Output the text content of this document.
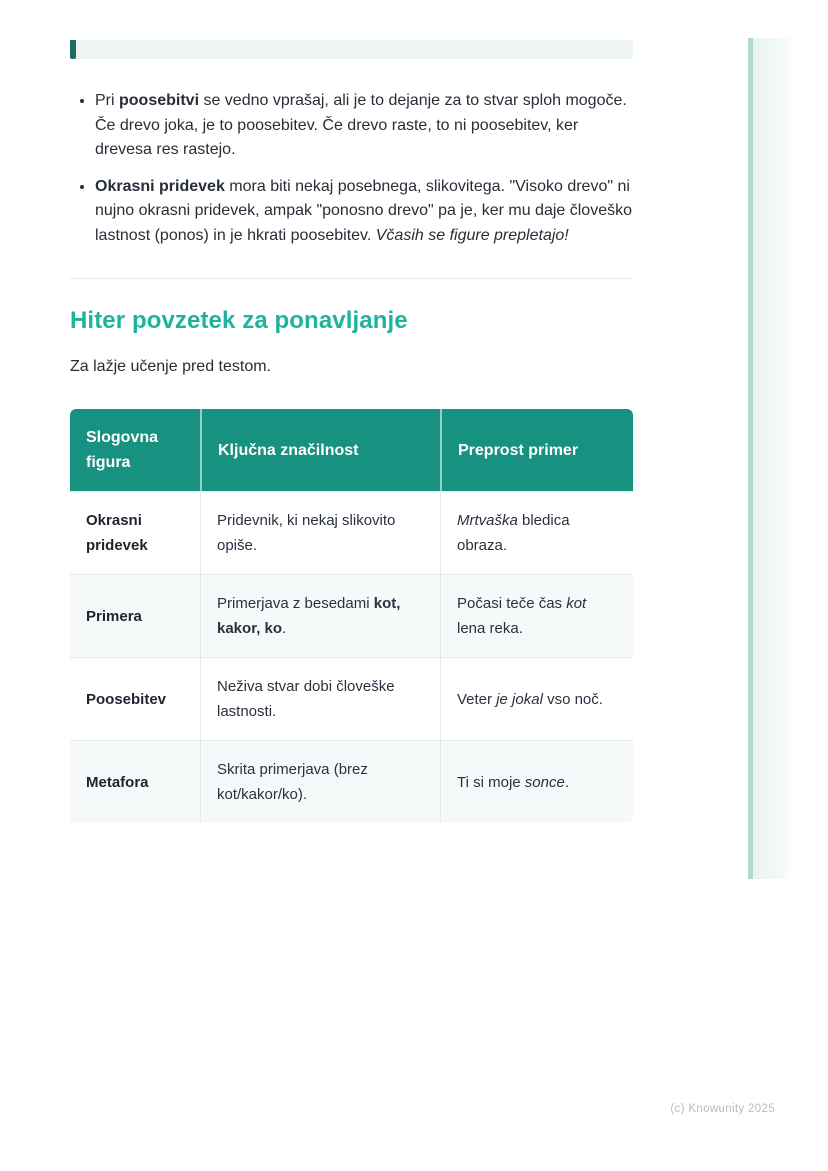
• Pri poosebitvi se vedno vprašaj, ali je to dejanje za to stvar sploh mogoče. Če drevo joka, je to poosebitev. Če drevo raste, to ni poosebitev, ker drevesa res rastejo.
• Okrasni pridevek mora biti nekaj posebnega, slikovitega. "Visoko drevo" ni nujno okrasni pridevek, ampak "ponosno drevo" pa je, ker mu daje človeško lastnost (ponos) in je hkrati poosebitev. Včasih se figure prepletajo!
Hiter povzetek za ponavljanje

Za lažje učenje pred testom.

Slogovna figura	Ključna značilnost	Preprost primer
Okrasni pridevek	Pridevnik, ki nekaj slikovito opiše.	Mrtvaška bledica obraza.
Primera	Primerjava z besedami kot, kakor, ko.	Počasi teče čas kot lena reka.
Poosebitev	Neživa stvar dobi človeške lastnosti.	Veter je jokal vso noč.
Metafora	Skrita primerjava (brez kot/kakor/ko).	Ti si moje sonce.
(c) Knowunity 2025
